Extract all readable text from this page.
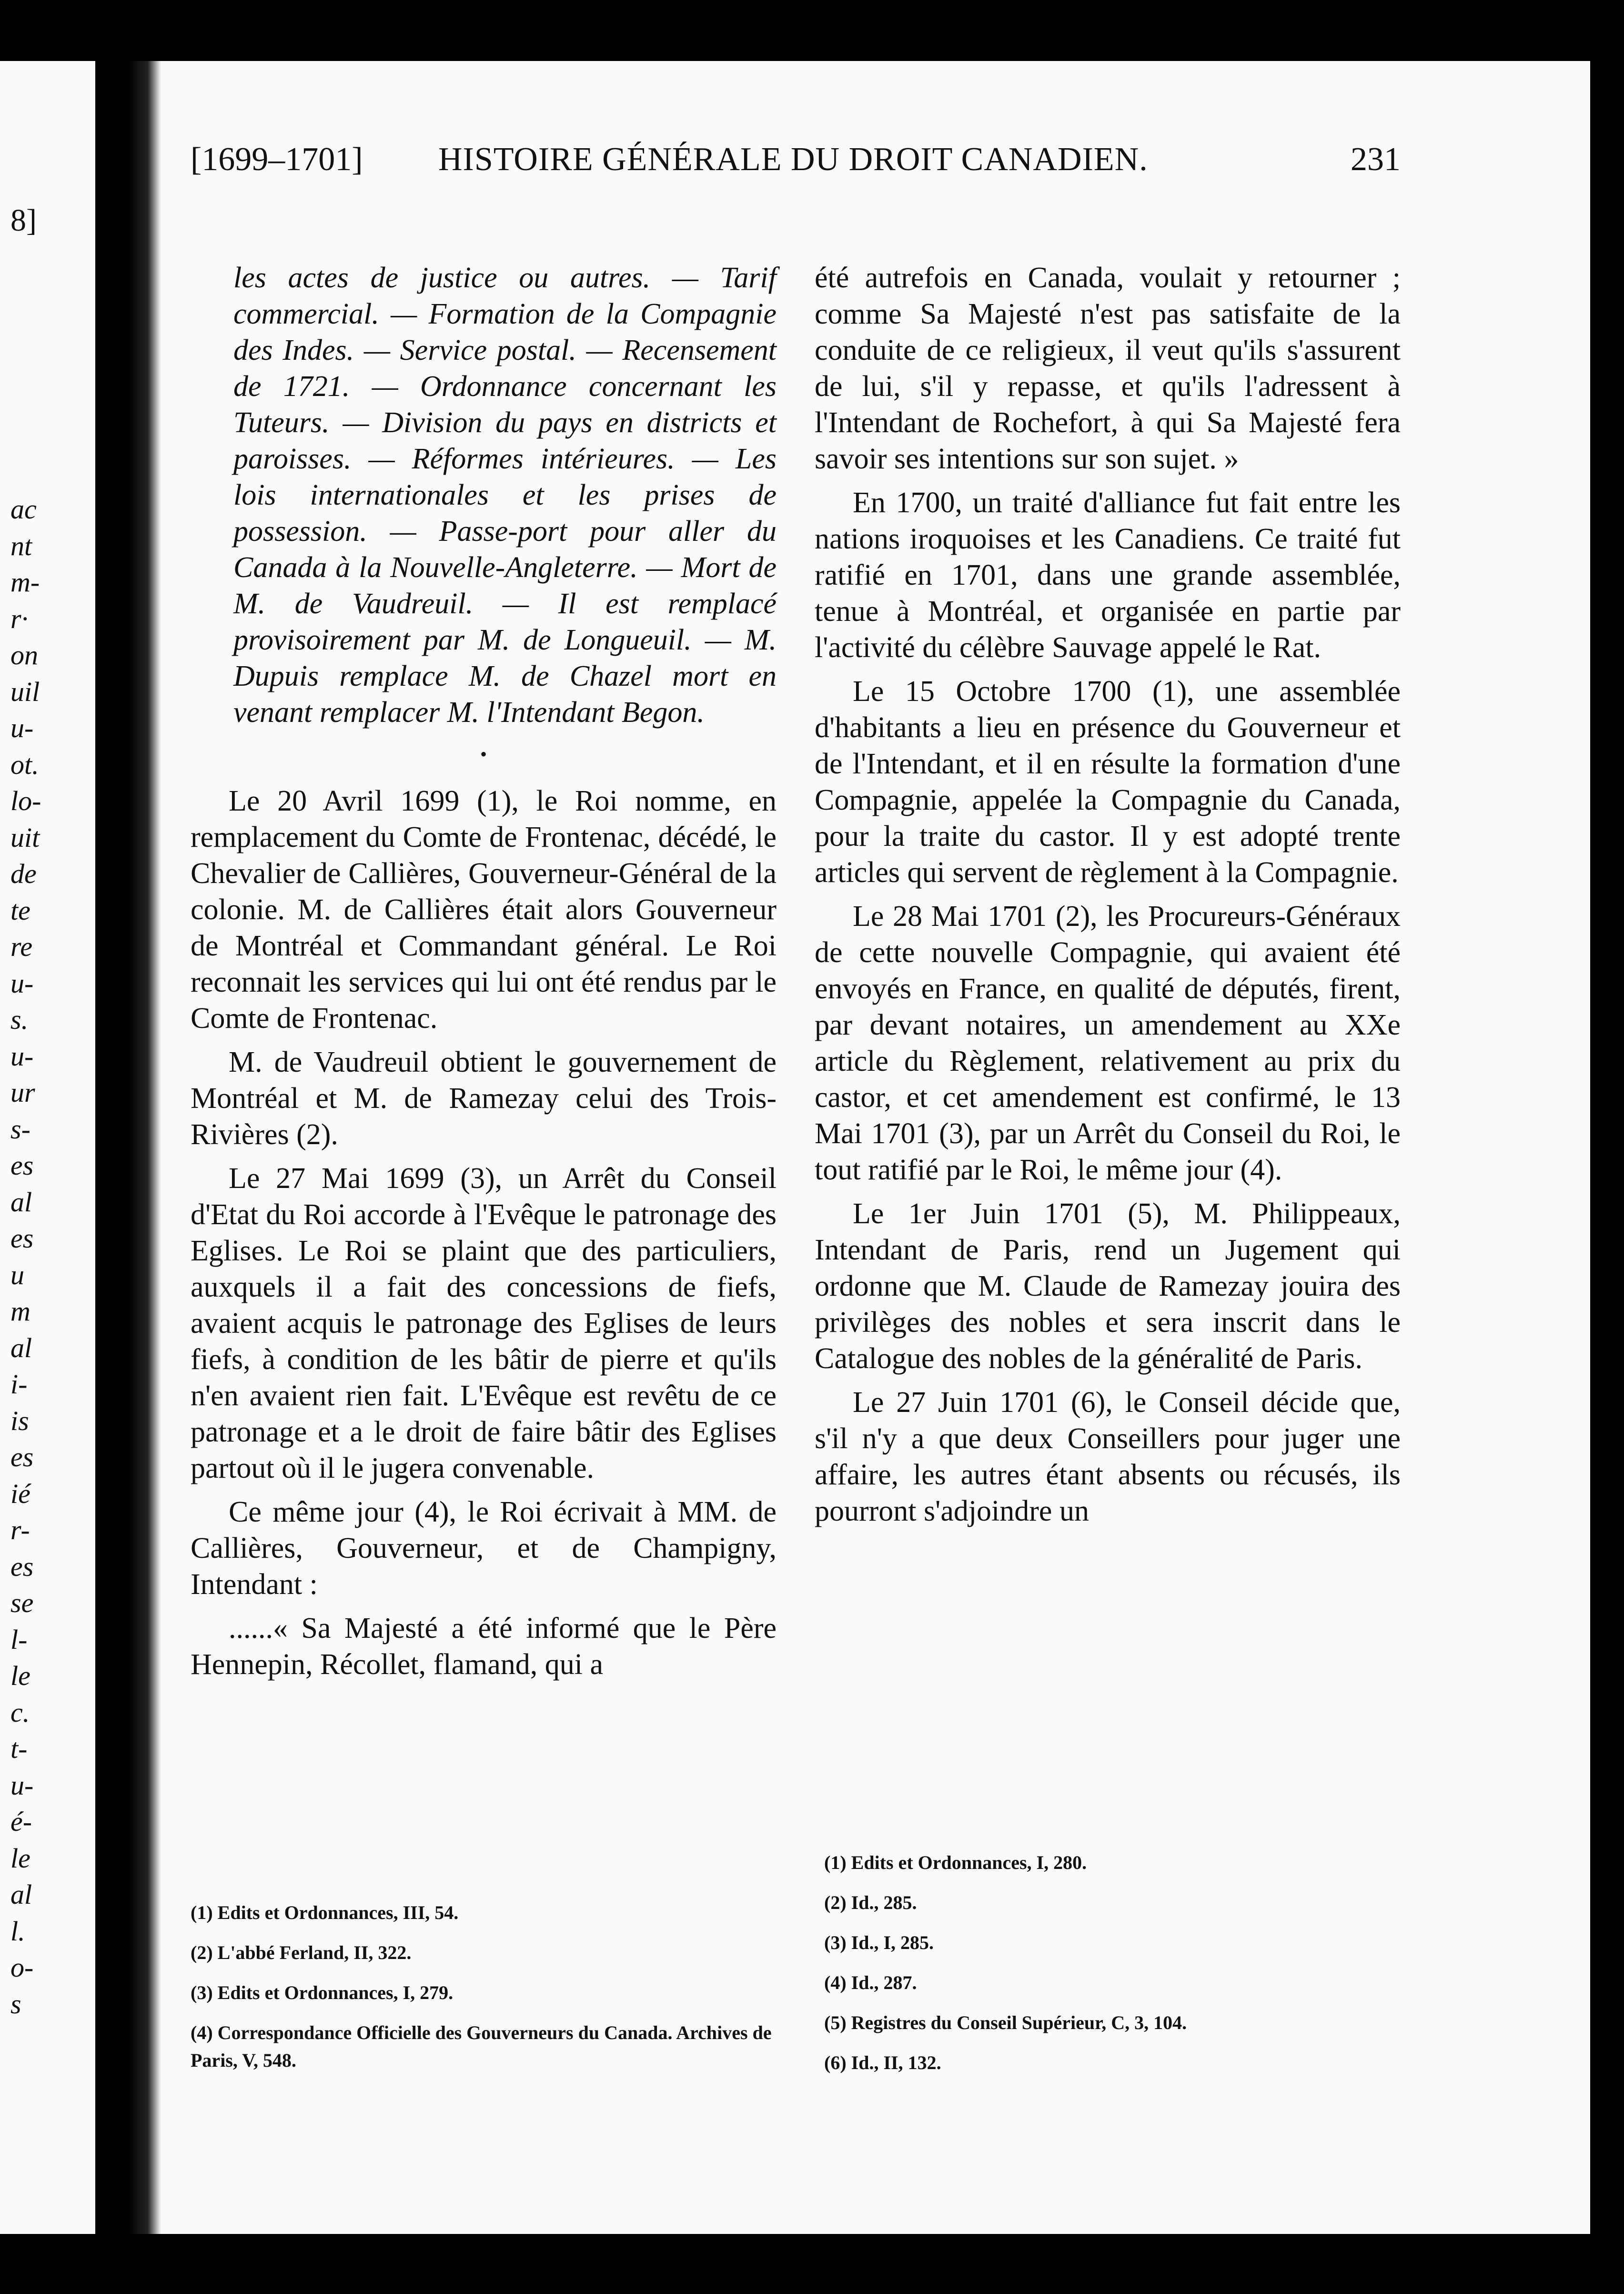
8]
ac
nt
m-
r·
on
uil
u-
ot.
lo-
uit
de
te
re
u-
s.
u-
ur
s-
es
al
es
u
m
al
i-
is
es
ié
r-
es
se
l-
le
c.
t-
u-
é-
le
al
l.
o-
s
[1699–1701] HISTOIRE GÉNÉRALE DU DROIT CANADIEN.	231

les actes de justice ou autres. — Tarif commercial. — Formation de la Compagnie des Indes. — Service postal. — Recensement de 1721. — Ordonnance concernant les Tuteurs. — Division du pays en districts et paroisses. — Réformes intérieures. — Les lois internationales et les prises de possession. — Passe-port pour aller du Canada à la Nouvelle-Angleterre. — Mort de M. de Vaudreuil. — Il est remplacé provisoirement par M. de Longueuil. — M. Dupuis remplace M. de Chazel mort en venant remplacer M. l'Intendant Begon.

•

Le 20 Avril 1699 (1), le Roi nomme, en remplacement du Comte de Frontenac, décédé, le Chevalier de Callières, Gouverneur-Général de la colonie. M. de Callières était alors Gouverneur de Montréal et Commandant général. Le Roi reconnait les services qui lui ont été rendus par le Comte de Frontenac.

M. de Vaudreuil obtient le gouvernement de Montréal et M. de Ramezay celui des Trois-Rivières (2).

Le 27 Mai 1699 (3), un Arrêt du Conseil d'Etat du Roi accorde à l'Evêque le patronage des Eglises. Le Roi se plaint que des particuliers, auxquels il a fait des concessions de fiefs, avaient acquis le patronage des Eglises de leurs fiefs, à condition de les bâtir de pierre et qu'ils n'en avaient rien fait. L'Evêque est revêtu de ce patronage et a le droit de faire bâtir des Eglises partout où il le jugera convenable.

Ce même jour (4), le Roi écrivait à MM. de Callières, Gouverneur, et de Champigny, Intendant :

......« Sa Majesté a été informé que le Père Hennepin, Récollet, flamand, qui a

été autrefois en Canada, voulait y retourner ; comme Sa Majesté n'est pas satisfaite de la conduite de ce religieux, il veut qu'ils s'assurent de lui, s'il y repasse, et qu'ils l'adressent à l'Intendant de Rochefort, à qui Sa Majesté fera savoir ses intentions sur son sujet. »

En 1700, un traité d'alliance fut fait entre les nations iroquoises et les Canadiens. Ce traité fut ratifié en 1701, dans une grande assemblée, tenue à Montréal, et organisée en partie par l'activité du célèbre Sauvage appelé le Rat.

Le 15 Octobre 1700 (1), une assemblée d'habitants a lieu en présence du Gouverneur et de l'Intendant, et il en résulte la formation d'une Compagnie, appelée la Compagnie du Canada, pour la traite du castor. Il y est adopté trente articles qui servent de règlement à la Compagnie.

Le 28 Mai 1701 (2), les Procureurs-Généraux de cette nouvelle Compagnie, qui avaient été envoyés en France, en qualité de députés, firent, par devant notaires, un amendement au XXe article du Règlement, relativement au prix du castor, et cet amendement est confirmé, le 13 Mai 1701 (3), par un Arrêt du Conseil du Roi, le tout ratifié par le Roi, le même jour (4).

Le 1er Juin 1701 (5), M. Philippeaux, Intendant de Paris, rend un Jugement qui ordonne que M. Claude de Ramezay jouira des privilèges des nobles et sera inscrit dans le Catalogue des nobles de la généralité de Paris.

Le 27 Juin 1701 (6), le Conseil décide que, s'il n'y a que deux Conseillers pour juger une affaire, les autres étant absents ou récusés, ils pourront s'adjoindre un

(1) Edits et Ordonnances, III, 54.

(2) L'abbé Ferland, II, 322.

(3) Edits et Ordonnances, I, 279.

(4) Correspondance Officielle des Gouverneurs du Canada. Archives de Paris, V, 548.

(1) Edits et Ordonnances, I, 280.

(2) Id., 285.

(3) Id., I, 285.

(4) Id., 287.

(5) Registres du Conseil Supérieur, C, 3, 104.

(6) Id., II, 132.
